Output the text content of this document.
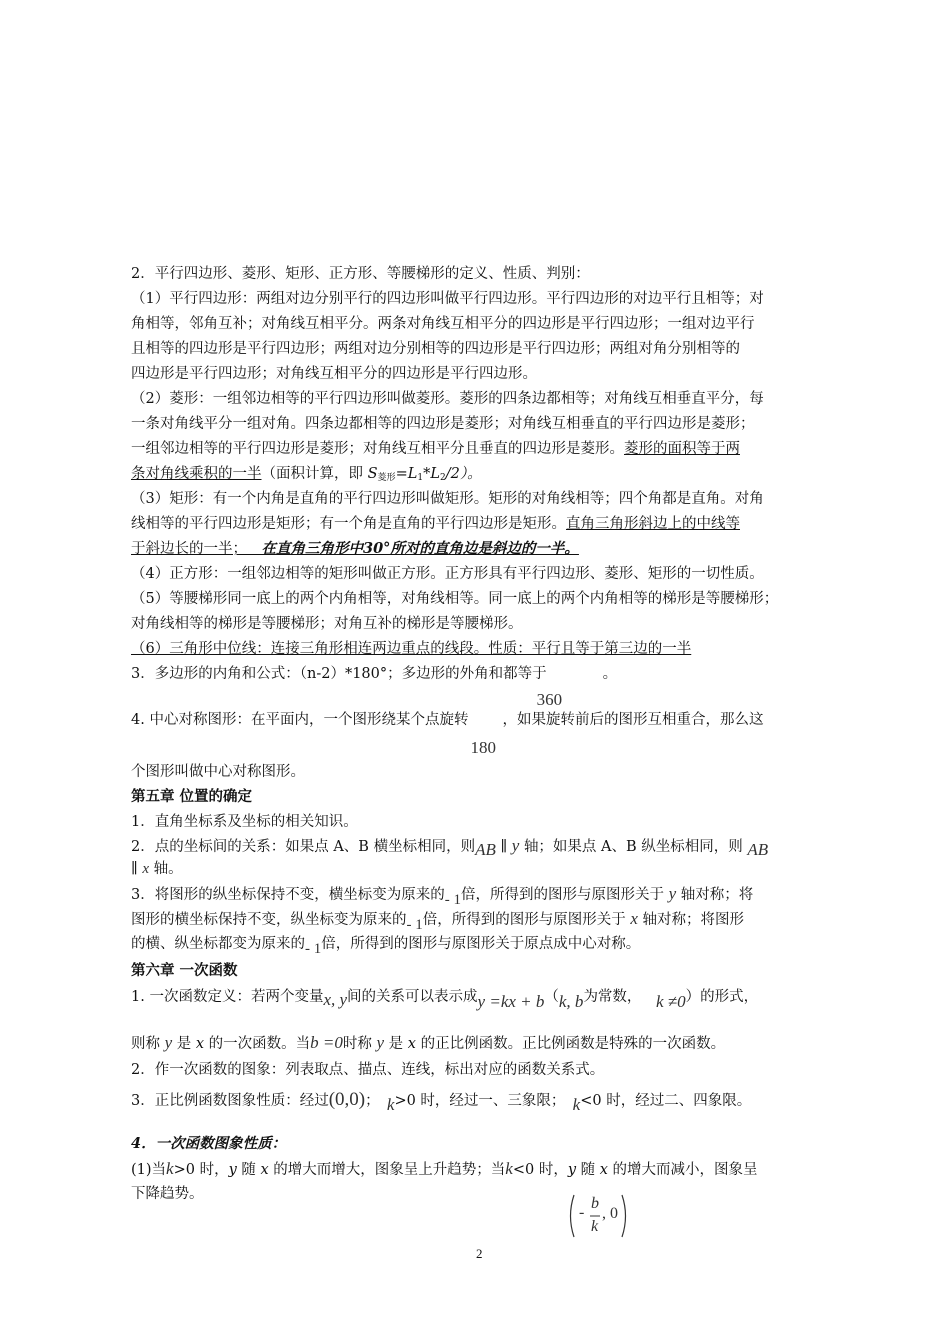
2．平行四边形、菱形、矩形、正方形、等腰梯形的定义、性质、判别：
（1）平行四边形：两组对边分别平行的四边形叫做平行四边形。平行四边形的对边平行且相等；对
角相等，邻角互补；对角线互相平分。两条对角线互相平分的四边形是平行四边形；一组对边平行
且相等的四边形是平行四边形；两组对边分别相等的四边形是平行四边形；两组对角分别相等的
四边形是平行四边形；对角线互相平分的四边形是平行四边形。
（2）菱形：一组邻边相等的平行四边形叫做菱形。菱形的四条边都相等；对角线互相垂直平分，每
一条对角线平分一组对角。四条边都相等的四边形是菱形；对角线互相垂直的平行四边形是菱形；
一组邻边相等的平行四边形是菱形；对角线互相平分且垂直的四边形是菱形。菱形的面积等于两
条对角线乘积的一半（面积计算，即 $S_{菱形}=L_1*L_2/2$）。
（3）矩形：有一个内角是直角的平行四边形叫做矩形。矩形的对角线相等；四个角都是直角。对角
线相等的平行四边形是矩形；有一个角是直角的平行四边形是矩形。直角三角形斜边上的中线等
于斜边长的一半；  在直角三角形中30°所对的直角边是斜边的一半。
（4）正方形：一组邻边相等的矩形叫做正方形。正方形具有平行四边形、菱形、矩形的一切性质。
（5）等腰梯形同一底上的两个内角相等，对角线相等。同一底上的两个内角相等的梯形是等腰梯形；
对角线相等的梯形是等腰梯形；对角互补的梯形是等腰梯形。
（6）三角形中位线：连接三角形相连两边重点的线段。性质：平行且等于第三边的一半
3．多边形的内角和公式：（n-2）*180°；多边形的外角和都等于
360
。
4. 中心对称图形：在平面内，一个图形绕某个点旋转
180
，如果旋转前后的图形互相重合，那么这
个图形叫做中心对称图形。
第五章 位置的确定
1．直角坐标系及坐标的相关知识。
2．点的坐标间的关系：如果点 A、B 横坐标相同，则AB ∥ y 轴；如果点 A、B 纵坐标相同，则 AB
∥ x 轴。
3．将图形的纵坐标保持不变，横坐标变为原来的- 1倍，所得到的图形与原图形关于 y 轴对称；将
图形的横坐标保持不变，纵坐标变为原来的- 1倍，所得到的图形与原图形关于 x 轴对称；将图形
的横、纵坐标都变为原来的- 1倍，所得到的图形与原图形关于原点成中心对称。
第六章 一次函数
1. 一次函数定义：若两个变量x, y间的关系可以表示成y =kx + b（k, b为常数，  k ≠0）的形式，
则称 y 是 x 的一次函数。当b =0时称 y 是 x 的正比例函数。正比例函数是特殊的一次函数。
2．作一次函数的图象：列表取点、描点、连线，标出对应的函数关系式。
3．正比例函数图象性质：经过(0,0)；  k>0 时，经过一、三象限；  k<0 时，经过二、四象限。
4．一次函数图象性质：
(1)当k>0 时，y 随 x 的增大而增大，图象呈上升趋势；当k<0 时，y 随 x 的增大而减小，图象呈
下降趋势。
-
b
k
, 0
2
